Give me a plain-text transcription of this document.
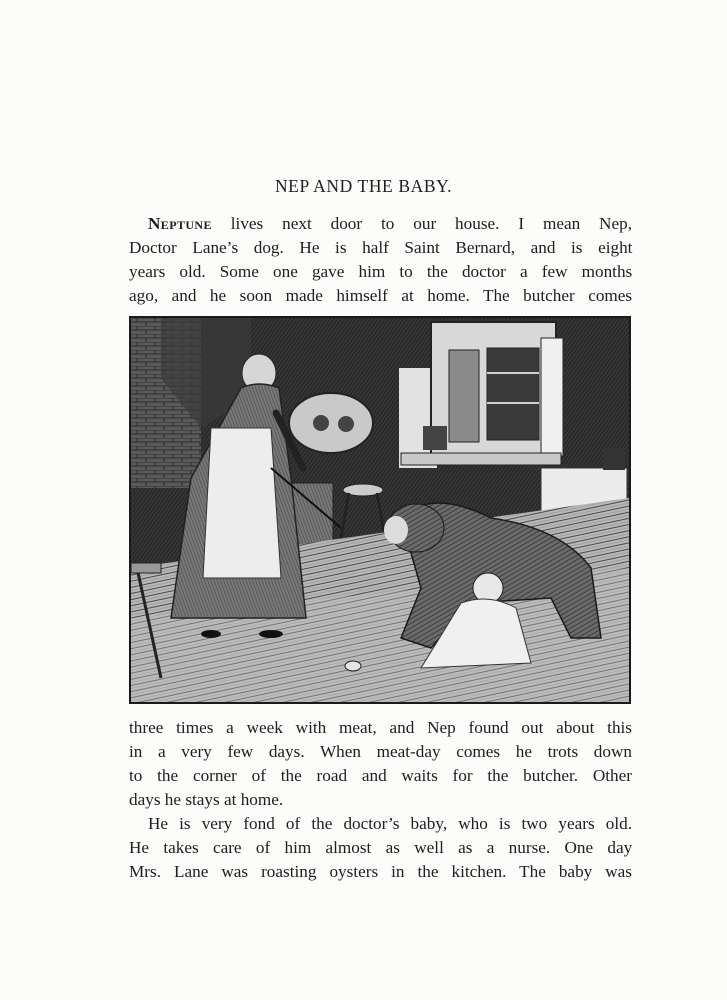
NEP AND THE BABY.
Neptune lives next door to our house. I mean Nep,
Doctor Lane’s dog. He is half Saint Bernard, and is eight
years old. Some one gave him to the doctor a few months
ago, and he soon made himself at home. The butcher comes
three times a week with meat, and Nep found out about this
in a very few days. When meat-day comes he trots down
to the corner of the road and waits for the butcher. Other
days he stays at home.
He is very fond of the doctor’s baby, who is two years old.
He takes care of him almost as well as a nurse. One day
Mrs. Lane was roasting oysters in the kitchen. The baby was
